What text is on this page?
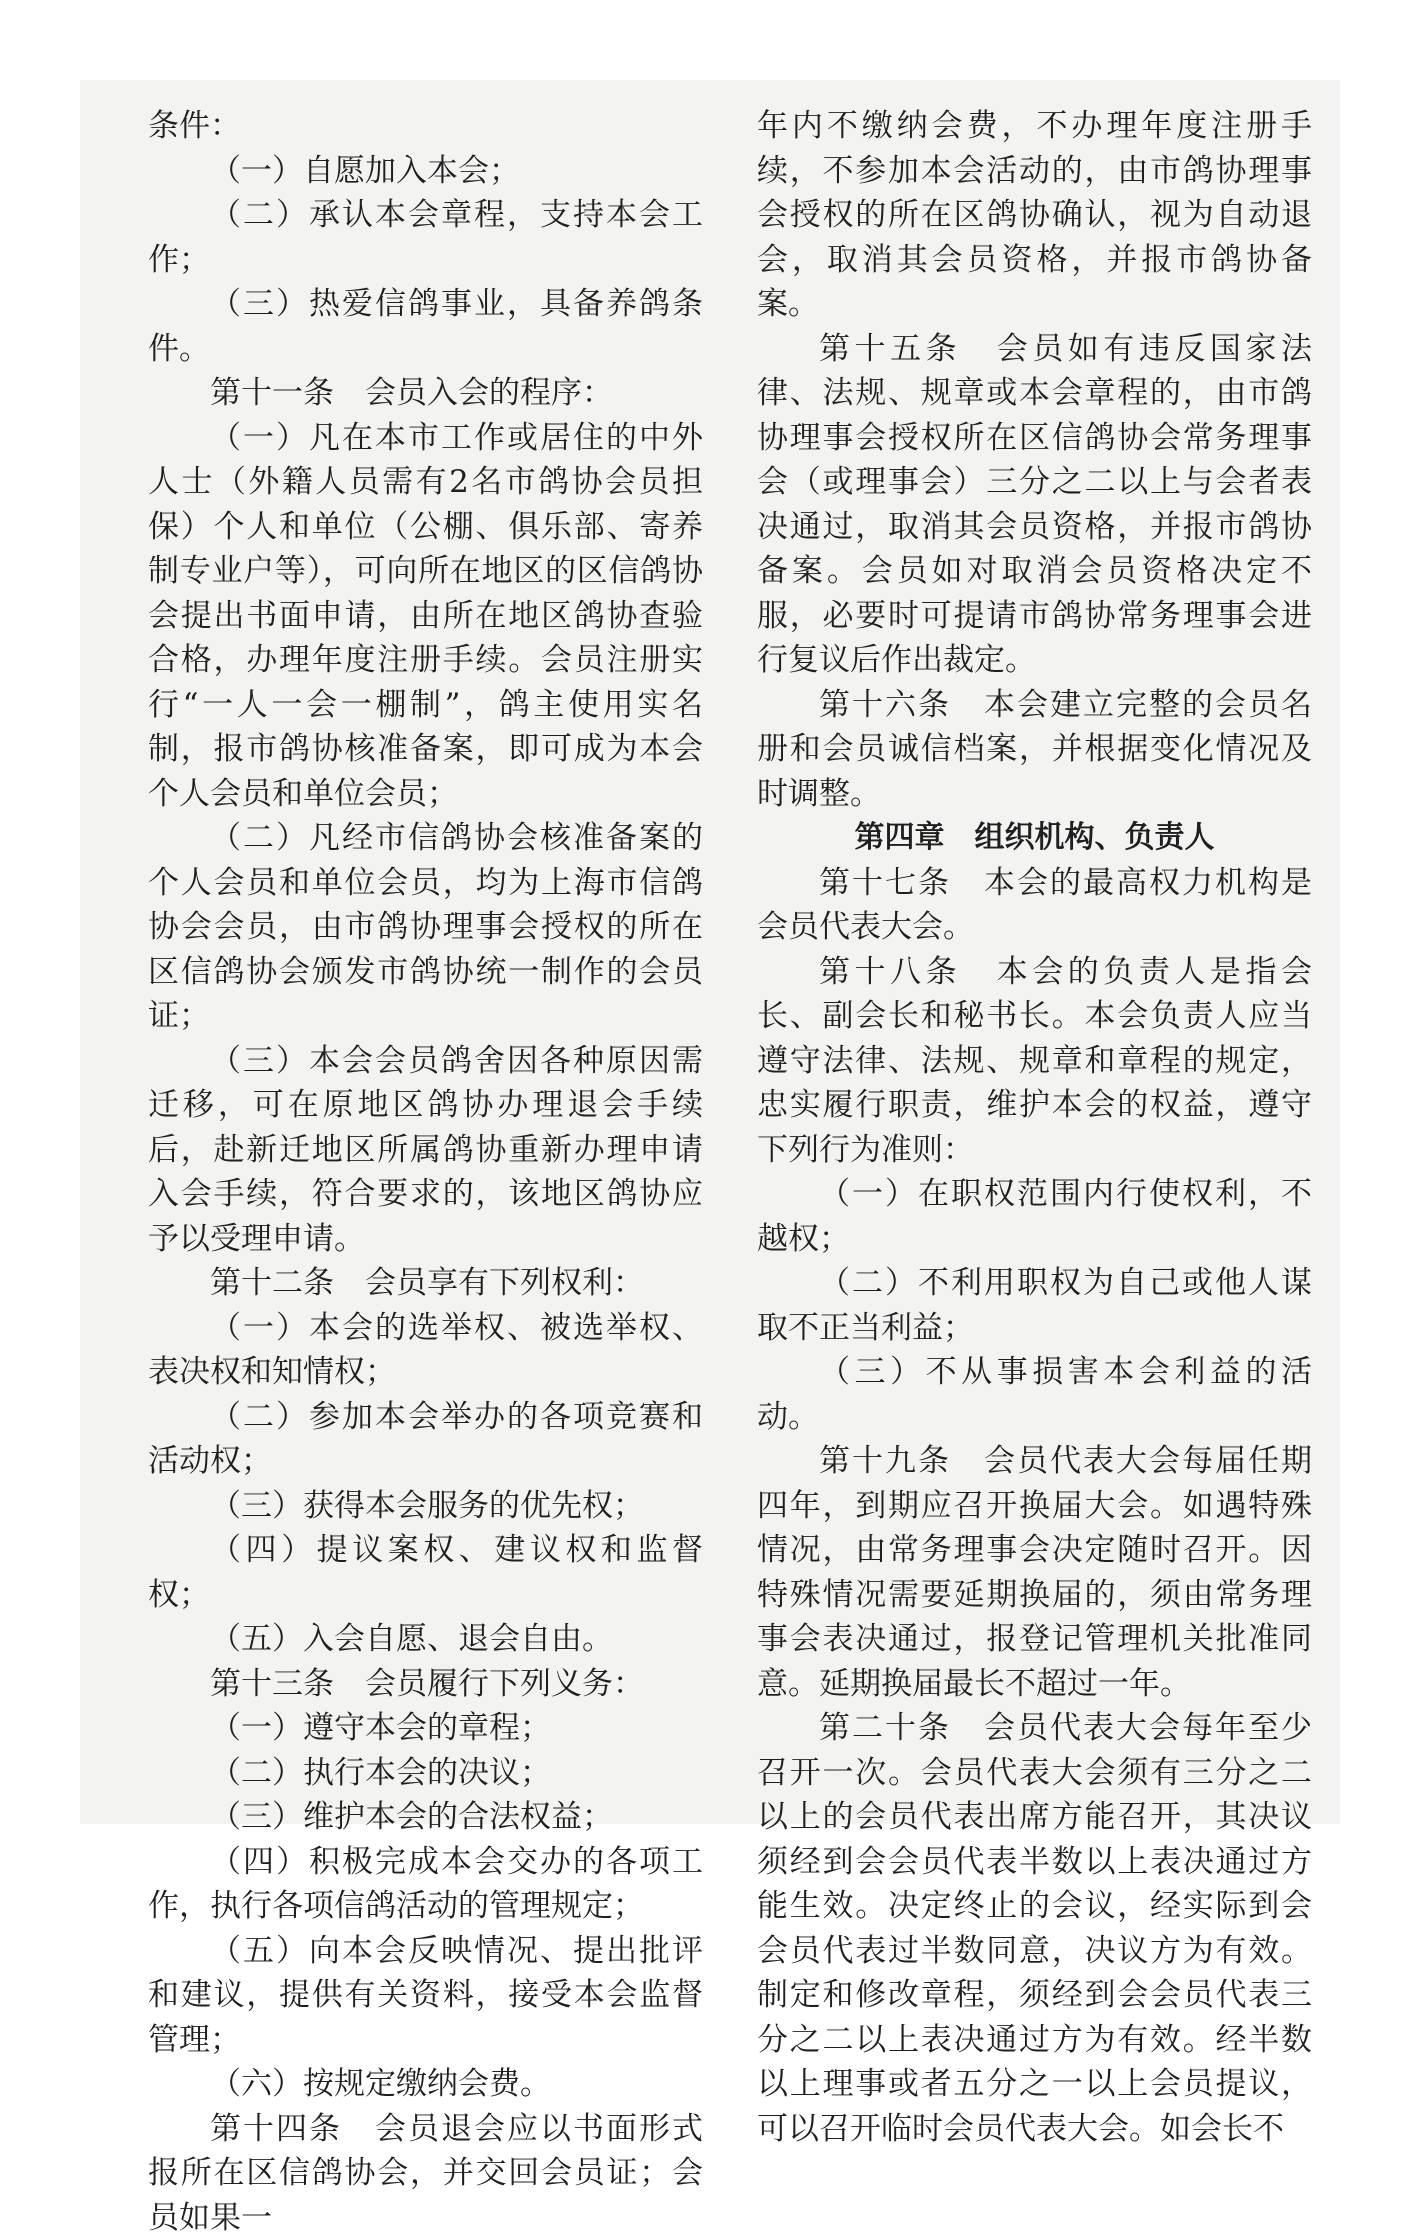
条件：

（一）自愿加入本会；

（二）承认本会章程，支持本会工作；

（三）热爱信鸽事业，具备养鸽条件。

第十一条　会员入会的程序：

（一）凡在本市工作或居住的中外人士（外籍人员需有2名市鸽协会员担保）个人和单位（公棚、俱乐部、寄养制专业户等），可向所在地区的区信鸽协会提出书面申请，由所在地区鸽协查验合格，办理年度注册手续。会员注册实行“一人一会一棚制”，鸽主使用实名制，报市鸽协核准备案，即可成为本会个人会员和单位会员；

（二）凡经市信鸽协会核准备案的个人会员和单位会员，均为上海市信鸽协会会员，由市鸽协理事会授权的所在区信鸽协会颁发市鸽协统一制作的会员证；

（三）本会会员鸽舍因各种原因需迁移，可在原地区鸽协办理退会手续后，赴新迁地区所属鸽协重新办理申请入会手续，符合要求的，该地区鸽协应予以受理申请。

第十二条　会员享有下列权利：

（一）本会的选举权、被选举权、表决权和知情权；

（二）参加本会举办的各项竞赛和活动权；

（三）获得本会服务的优先权；

（四）提议案权、建议权和监督权；

（五）入会自愿、退会自由。

第十三条　会员履行下列义务：

（一）遵守本会的章程；

（二）执行本会的决议；

（三）维护本会的合法权益；

（四）积极完成本会交办的各项工作，执行各项信鸽活动的管理规定；

（五）向本会反映情况、提出批评和建议，提供有关资料，接受本会监督管理；

（六）按规定缴纳会费。

第十四条　会员退会应以书面形式报所在区信鸽协会，并交回会员证；会员如果一

年内不缴纳会费，不办理年度注册手续，不参加本会活动的，由市鸽协理事会授权的所在区鸽协确认，视为自动退会，取消其会员资格，并报市鸽协备案。

第十五条　会员如有违反国家法律、法规、规章或本会章程的，由市鸽协理事会授权所在区信鸽协会常务理事会（或理事会）三分之二以上与会者表决通过，取消其会员资格，并报市鸽协备案。会员如对取消会员资格决定不服，必要时可提请市鸽协常务理事会进行复议后作出裁定。

第十六条　本会建立完整的会员名册和会员诚信档案，并根据变化情况及时调整。

第四章　组织机构、负责人

第十七条　本会的最高权力机构是会员代表大会。

第十八条　本会的负责人是指会长、副会长和秘书长。本会负责人应当遵守法律、法规、规章和章程的规定，忠实履行职责，维护本会的权益，遵守下列行为准则：

（一）在职权范围内行使权利，不越权；

（二）不利用职权为自己或他人谋取不正当利益；

（三）不从事损害本会利益的活动。

第十九条　会员代表大会每届任期四年，到期应召开换届大会。如遇特殊情况，由常务理事会决定随时召开。因特殊情况需要延期换届的，须由常务理事会表决通过，报登记管理机关批准同意。延期换届最长不超过一年。

第二十条　会员代表大会每年至少召开一次。会员代表大会须有三分之二以上的会员代表出席方能召开，其决议须经到会会员代表半数以上表决通过方能生效。决定终止的会议，经实际到会会员代表过半数同意，决议方为有效。制定和修改章程，须经到会会员代表三分之二以上表决通过方为有效。经半数以上理事或者五分之一以上会员提议，可以召开临时会员代表大会。如会长不
